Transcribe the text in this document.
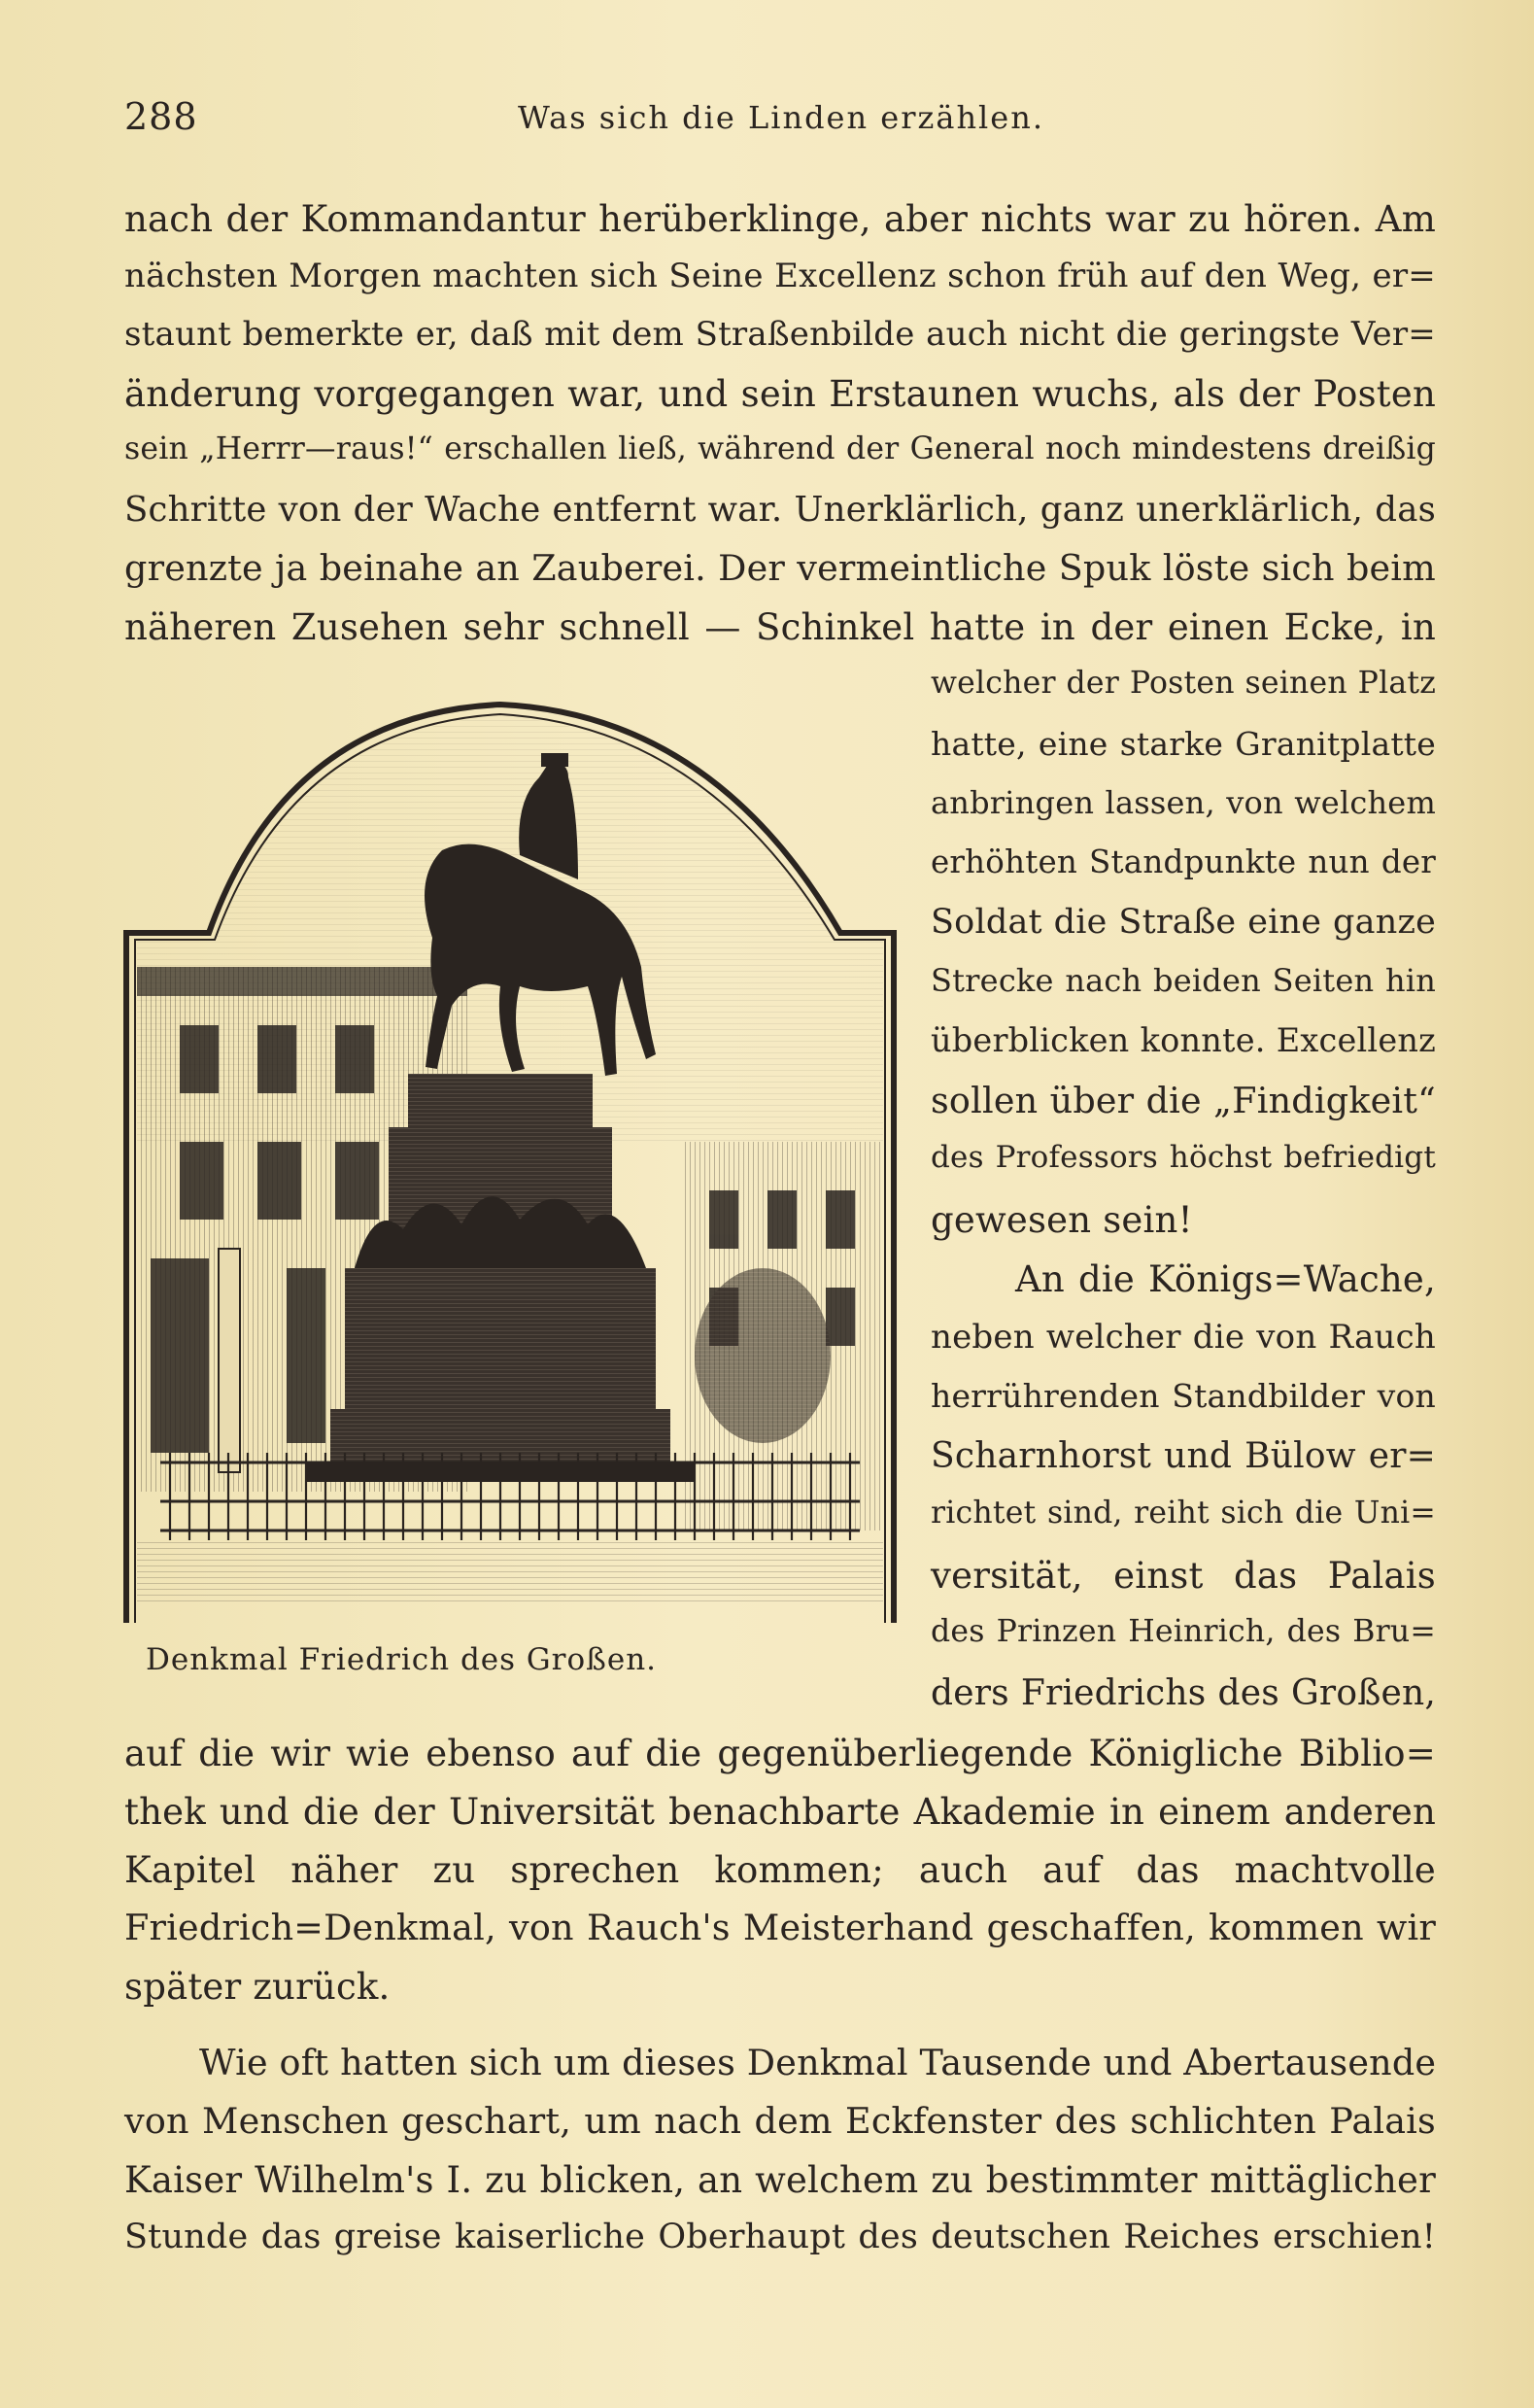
288	Was sich die Linden erzählen.
nach der Kommandantur herüberklinge, aber nichts war zu hören. Am
nächsten Morgen machten sich Seine Excellenz schon früh auf den Weg, er=
staunt bemerkte er, daß mit dem Straßenbilde auch nicht die geringste Ver=
änderung vorgegangen war, und sein Erstaunen wuchs, als der Posten
sein „Herrr—raus!“ erschallen ließ, während der General noch mindestens dreißig
Schritte von der Wache entfernt war. Unerklärlich, ganz unerklärlich, das
grenzte ja beinahe an Zauberei. Der vermeintliche Spuk löste sich beim
näheren Zusehen sehr schnell — Schinkel hatte in der einen Ecke, in
welcher der Posten seinen Platz
hatte, eine starke Granitplatte
anbringen lassen, von welchem
erhöhten Standpunkte nun der
Soldat die Straße eine ganze
Strecke nach beiden Seiten hin
überblicken konnte. Excellenz
sollen über die „Findigkeit“
des Professors höchst befriedigt
gewesen sein!
An die Königs=Wache,
neben welcher die von Rauch
herrührenden Standbilder von
Scharnhorst und Bülow er=
richtet sind, reiht sich die Uni=
versität, einst das Palais
des Prinzen Heinrich, des Bru=
ders Friedrichs des Großen,
Denkmal Friedrich des Großen.
auf die wir wie ebenso auf die gegenüberliegende Königliche Biblio=
thek und die der Universität benachbarte Akademie in einem anderen
Kapitel näher zu sprechen kommen; auch auf das machtvolle
Friedrich=Denkmal, von Rauch's Meisterhand geschaffen, kommen wir
später zurück.
Wie oft hatten sich um dieses Denkmal Tausende und Abertausende
von Menschen geschart, um nach dem Eckfenster des schlichten Palais
Kaiser Wilhelm's I. zu blicken, an welchem zu bestimmter mittäglicher
Stunde das greise kaiserliche Oberhaupt des deutschen Reiches erschien!
